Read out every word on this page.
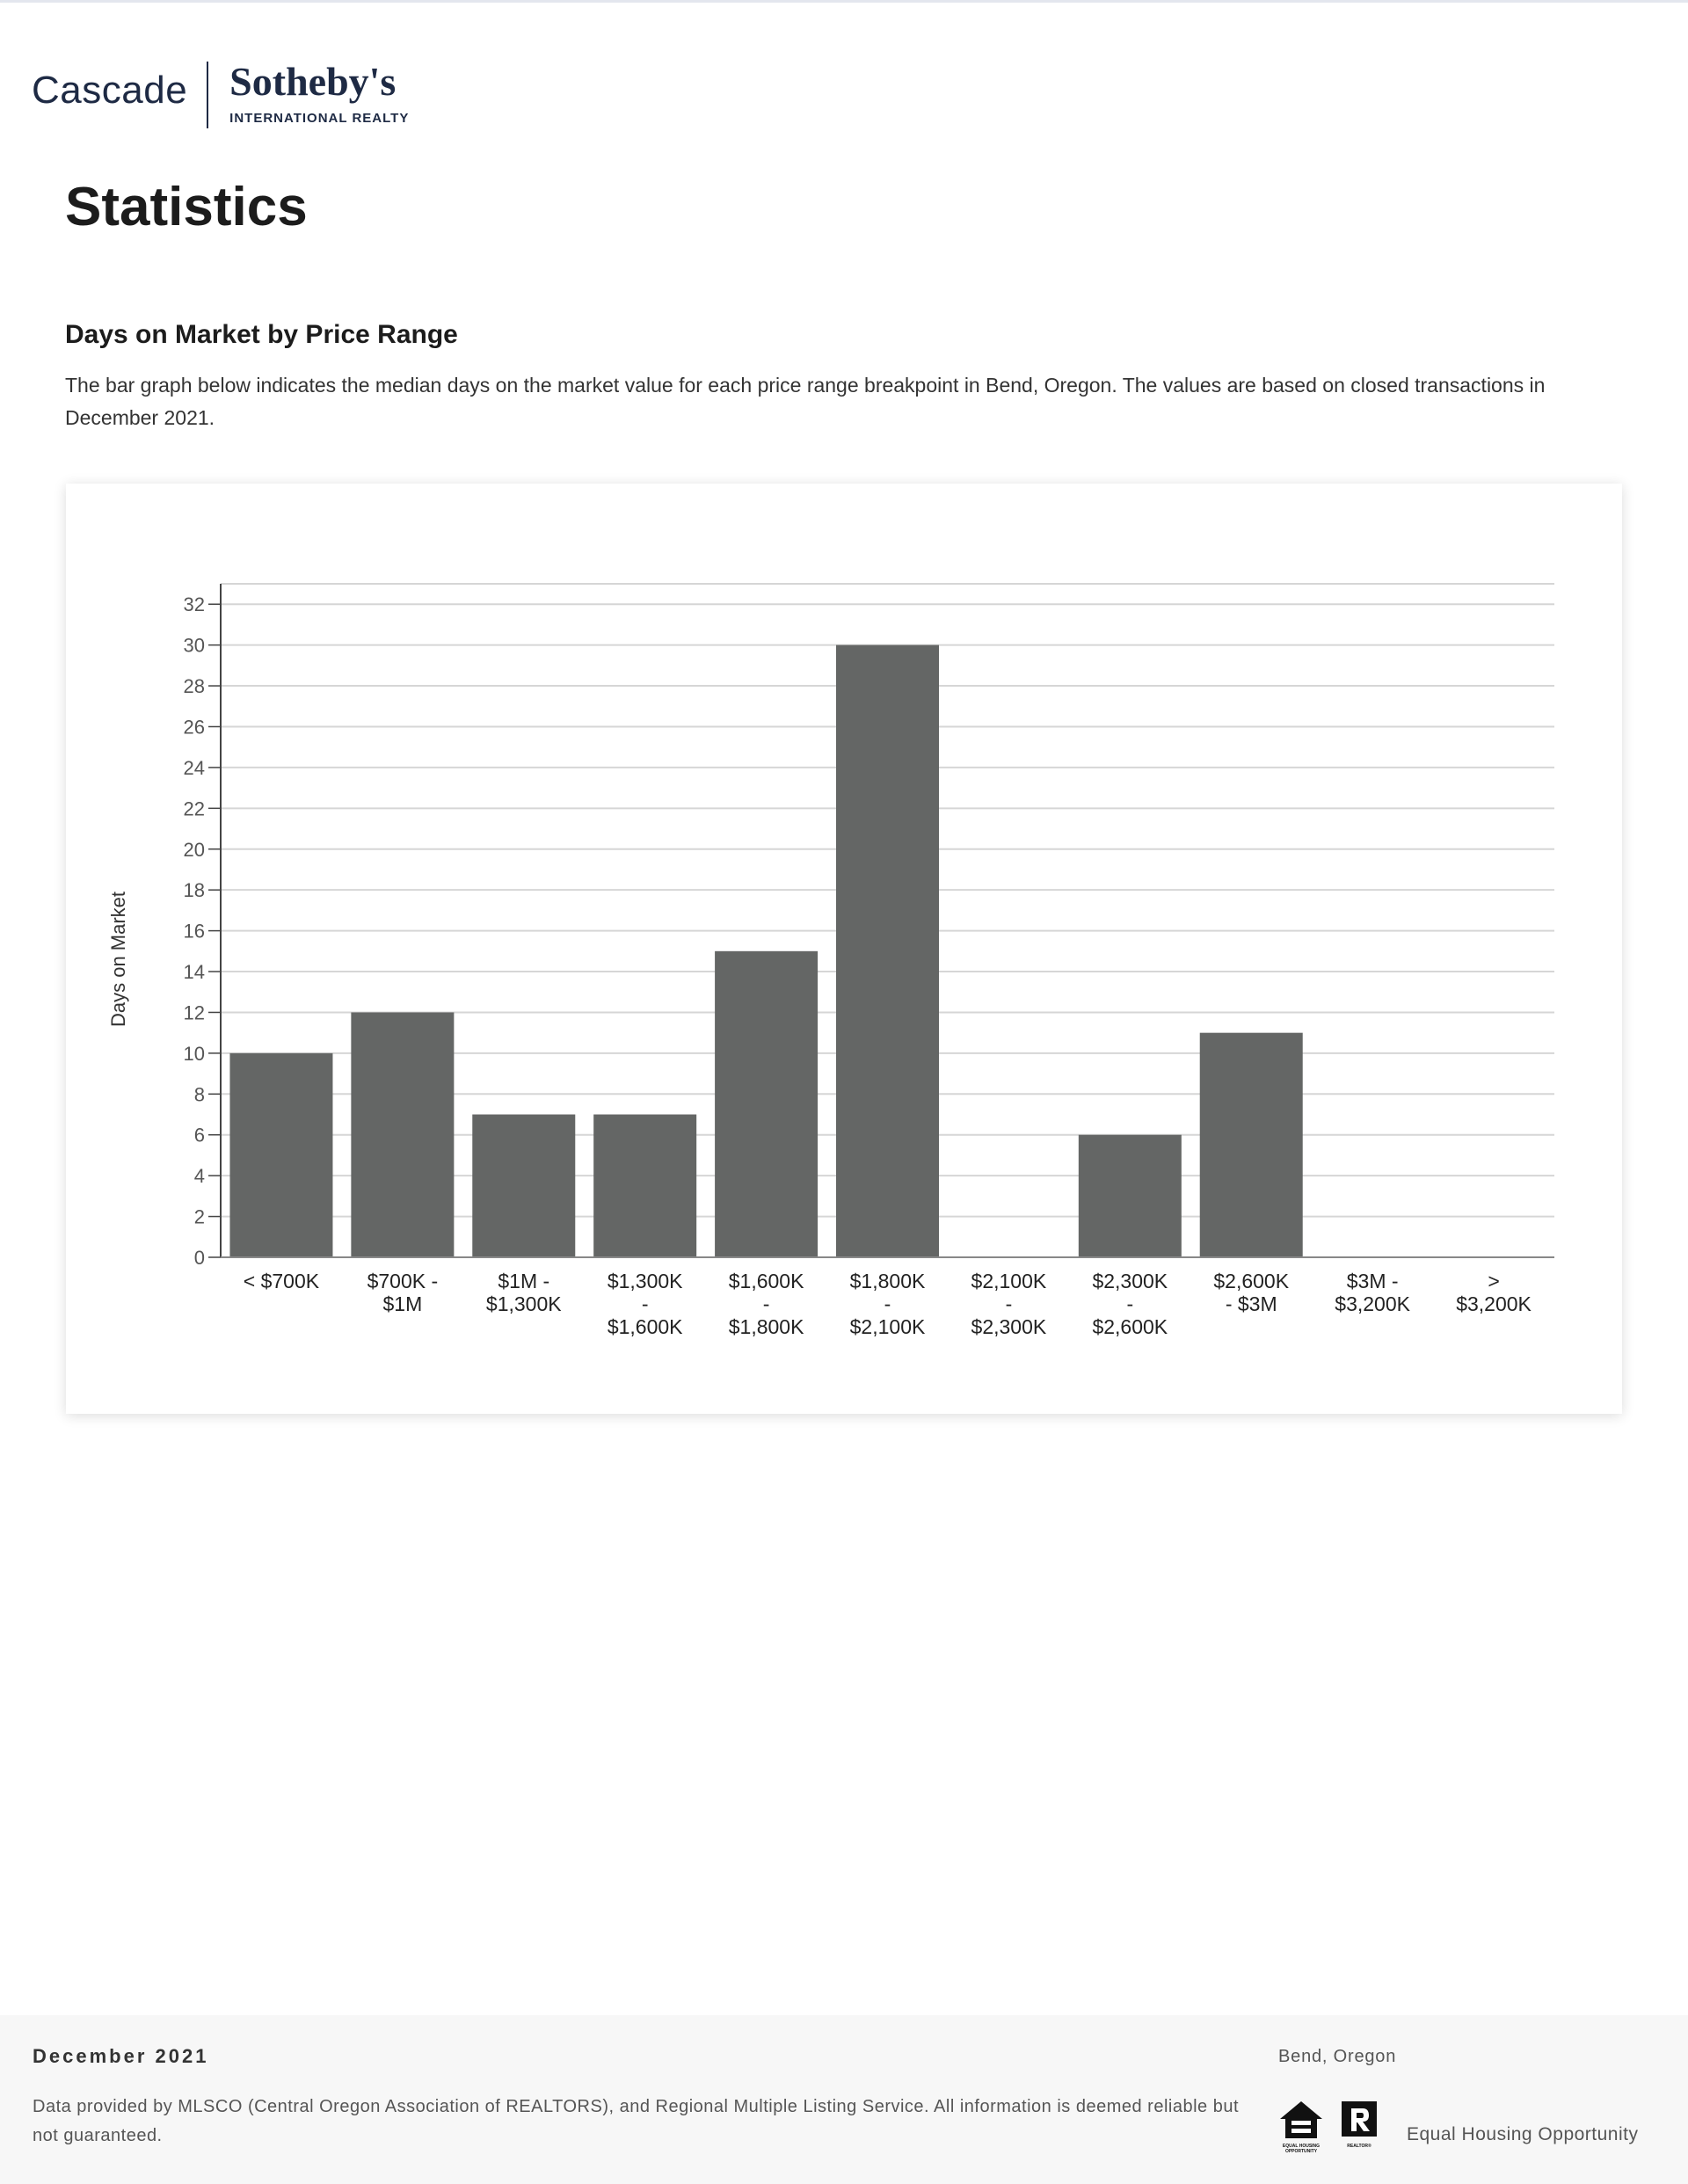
Cascade Sotheby's
INTERNATIONAL REALTY
Statistics
Days on Market by Price Range

The bar graph below indicates the median days on the market value for each price range breakpoint in Bend, Oregon. The values are based on closed transactions in December 2021.

0
2
4
6
8
10
12
14
16
18
20
22
24
26
28
30
32
< $700K $700K -
$1M
$1M -
$1,300K
$1,300K
-
$1,600K
$1,600K
-
$1,800K
$1,800K
-
$2,100K
$2,100K
-
$2,300K
$2,300K
-
$2,600K
$2,600K
- $3M
$3M -
$3,200K
>
$3,200K
Days on Market
December 2021
Data provided by MLSCO (Central Oregon Association of REALTORS), and Regional Multiple Listing Service. All information is deemed reliable but not guaranteed.
Bend, Oregon
EQUAL HOUSING OPPORTUNITY
REALTOR®
Equal Housing Opportunity
